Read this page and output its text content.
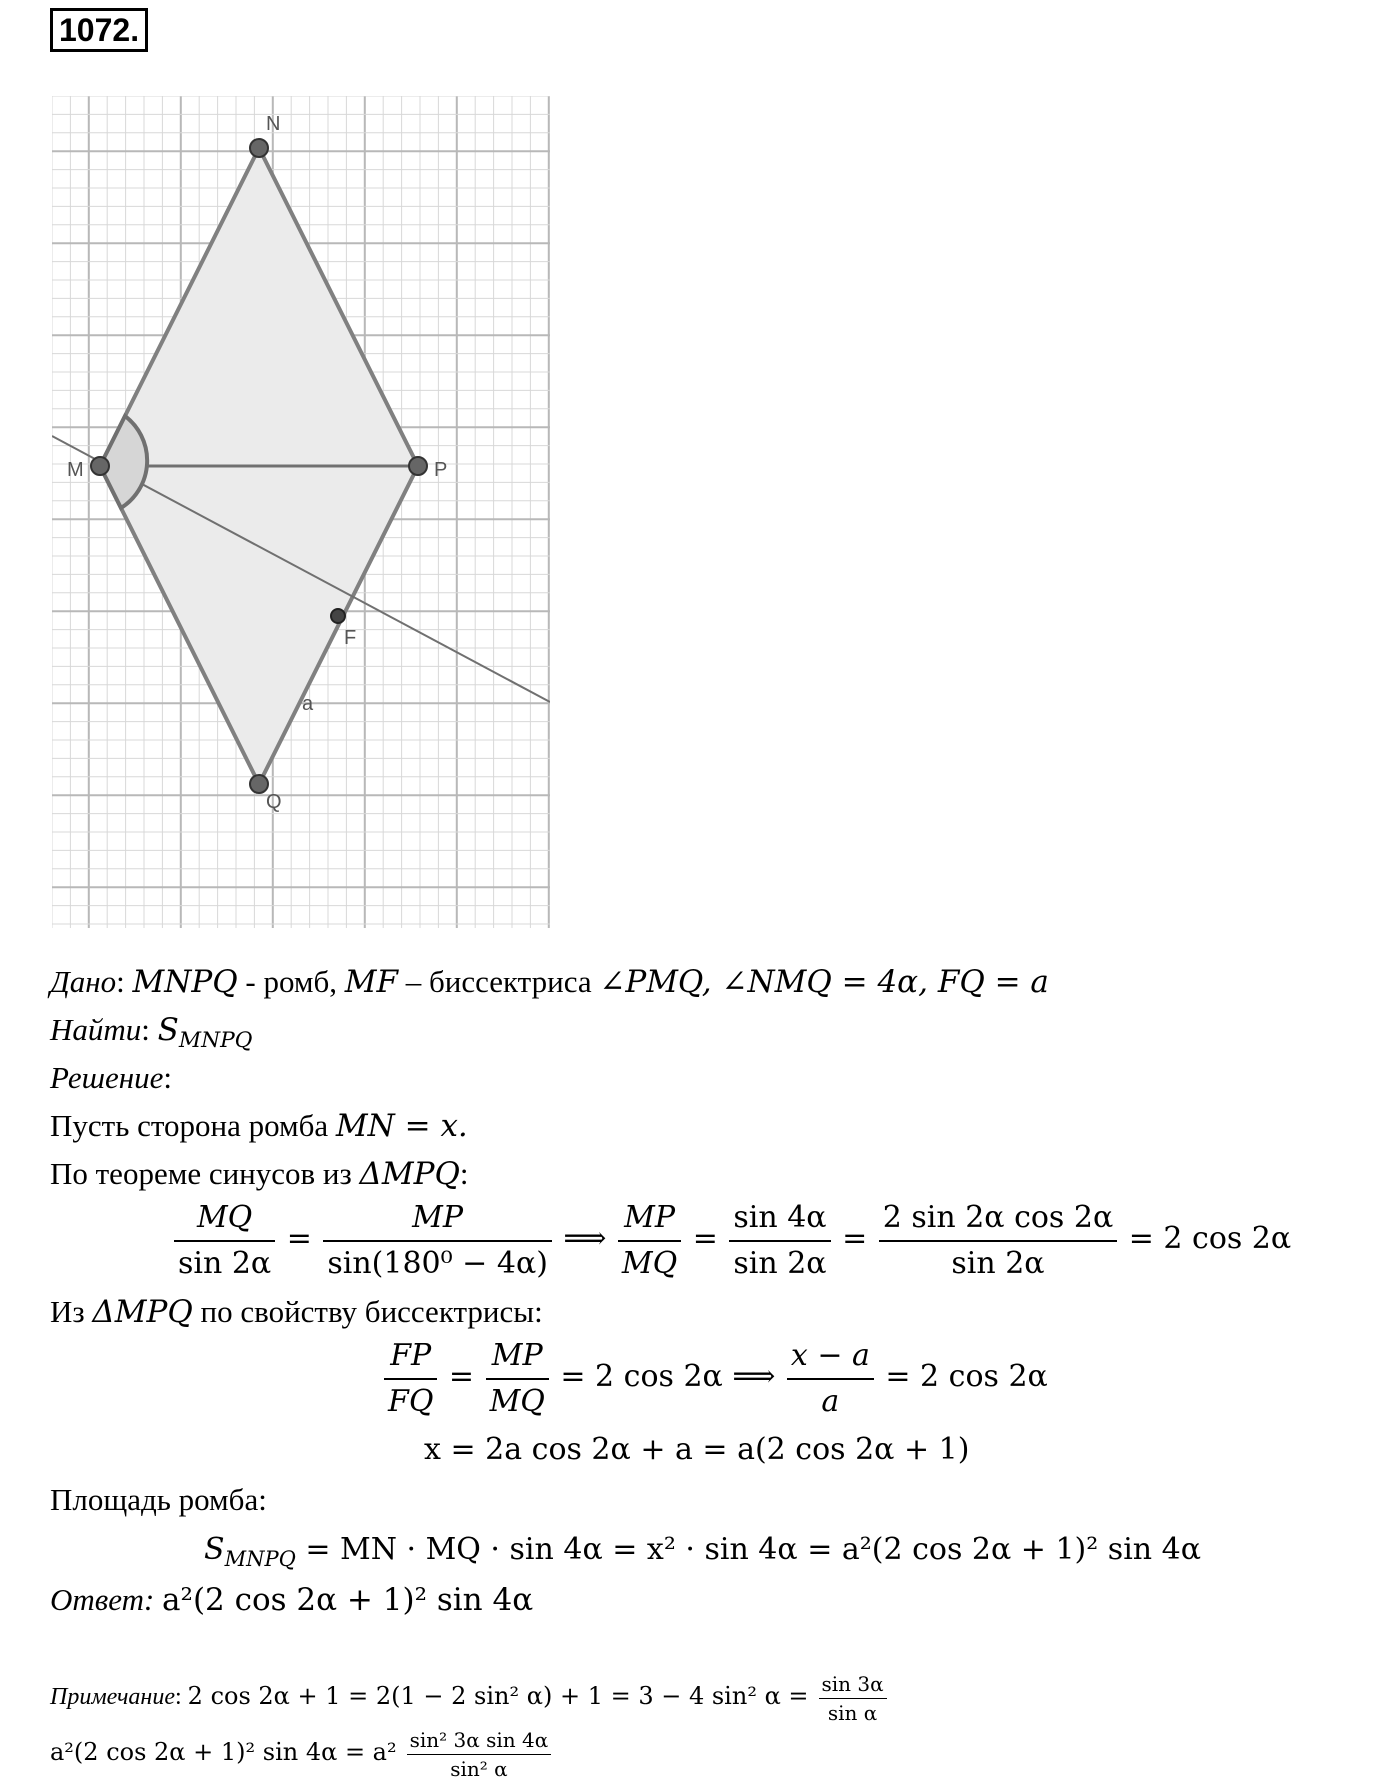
1072.
N
M	P
F
Q
a
Дано: MNPQ - ромб, MF – биссектриса ∠PMQ, ∠NMQ = 4α, FQ = a
Найти: $S_{MNPQ}$
Решение:
Пусть сторона ромба MN = x.
По теореме синусов из ΔMPQ:
$\frac{MQ}{\sin 2\alpha} = \frac{MP}{\text{sin(180⁰ − 4α)}}$ ⟹ $\frac{MP}{MQ} = \frac{\sin 4\alpha}{\sin 2\alpha} = \frac{\text{2 sin 2α cos 2α}}{\sin 2\alpha} = 2$ cos 2α
Из ΔMPQ по свойству биссектрисы:
$\frac{FP}{FQ} = \frac{MP}{MQ} = 2$ cos 2α ⟹ $\frac{x - a}{a} = 2$ cos 2α
x = 2a cos 2α + a = a(2 cos 2α + 1)
Площадь ромба:
$S_{MNPQ}$ = MN · MQ · sin 4α = x² · sin 4α = a²(2 cos 2α + 1)² sin 4α
Ответ: a²(2 cos 2α + 1)² sin 4α
Примечание: 2 cos 2α + 1 = 2(1 − 2 sin² α) + 1 = 3 − 4 sin² $\alpha = \frac{\sin 3\alpha}{\text{sin α}}$
a²(2 cos 2α + 1)² $\sin 4\alpha = a^2 \frac{\text{sin² 3α sin 4α}}{\text{sin² α}}$
